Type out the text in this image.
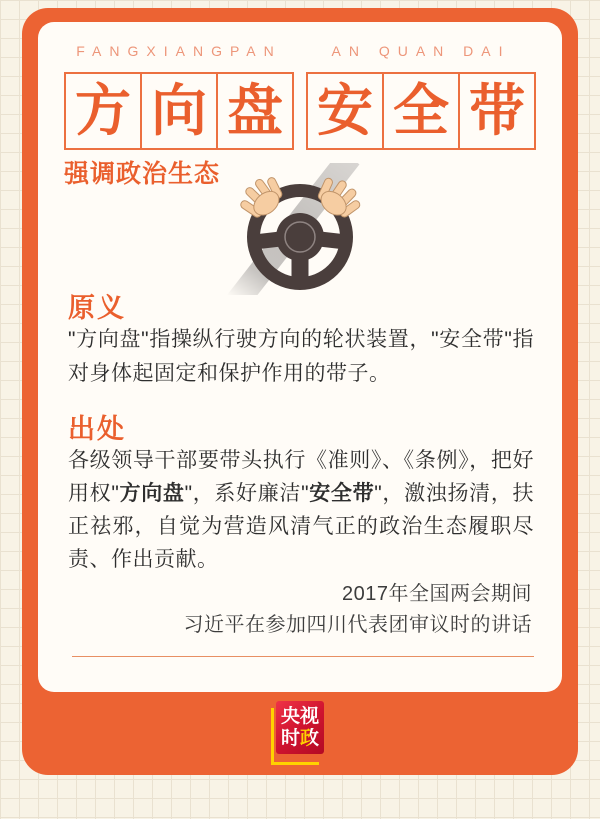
FANGXIANGPAN	AN QUAN DAI
方 向 盘 安 全 带
强调政治生态
原义

"方向盘"指操纵行驶方向的轮状装置，"安全带"指对身体起固定和保护作用的带子。

出处

各级领导干部要带头执行《准则》、《条例》，把好用权"方向盘"，系好廉洁"安全带"，激浊扬清，扶正祛邪，自觉为营造风清气正的政治生态履职尽责、作出贡献。

2017年全国两会期间
习近平在参加四川代表团审议时的讲话
央视
时政
